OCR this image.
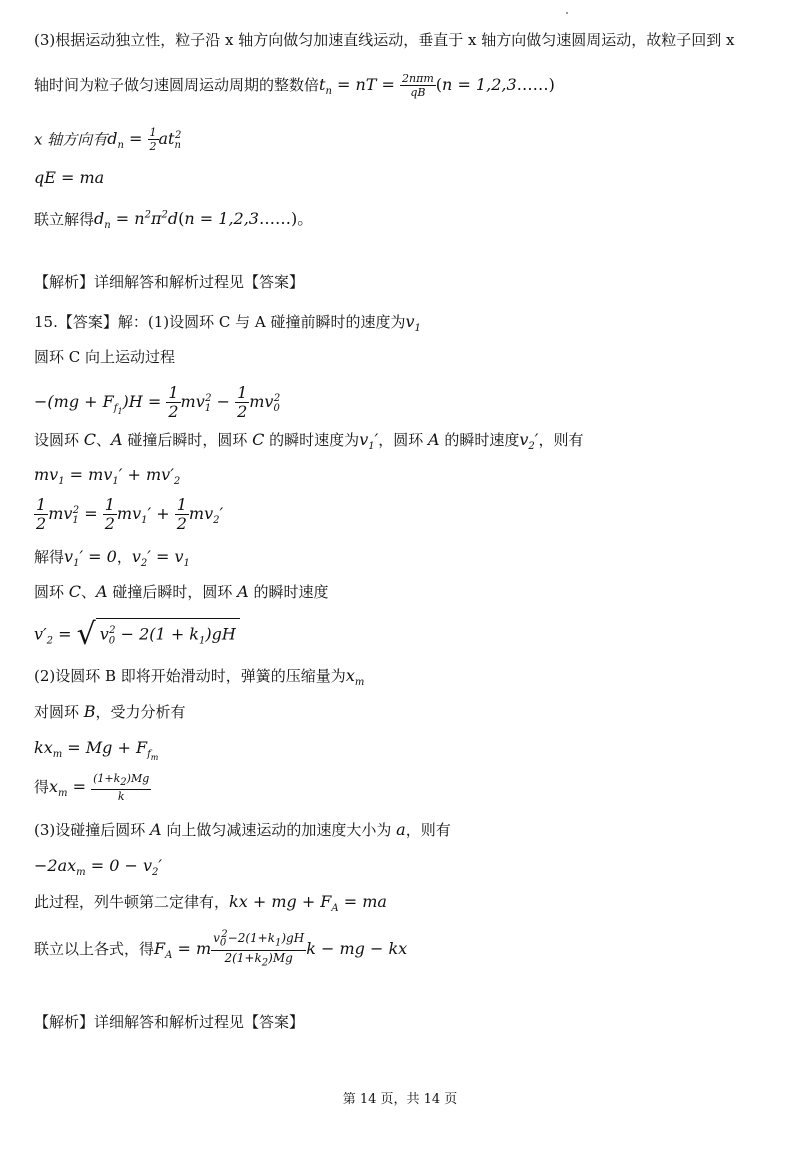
(3)根据运动独立性，粒子沿 x 轴方向做匀加速直线运动，垂直于 x 轴方向做匀速圆周运动，故粒子回到 x
轴时间为粒子做匀速圆周运动周期的整数倍$t_n$ = nT = $\frac{\text{2nπm}}{qB} (n$ = 1,2,3……)
x 轴方向有$d_n = \frac{1}{2} at_n^2$
qE = ma
联立解得$d_n = n^2\pi^2d(n$ = 1,2,3……)。
【解析】详细解答和解析过程见【答案】
15.【答案】解：(1)设圆环 C 与 A 碰撞前瞬时的速度为$v_1$
圆环 C 向上运动过程
$-(mg + F_{f_1})H = \frac{1}{2} mv_1^2 - \frac{1}{2} mv_0^2$
设圆环 C、A 碰撞后瞬时，圆环 C 的瞬时速度为$v_1'$，圆环 A 的瞬时速度$v_2'$，则有
$mv_1 = mv_1' + mv'_2$
$\frac{1}{2} mv_1^2 = \frac{1}{2} mv_1' + \frac{1}{2} mv_2'$
解得$v_1' = 0$，$v_2' = v_1$
圆环 C、A 碰撞后瞬时，圆环 A 的瞬时速度
$v'_2$ = √ $v_0^2 - 2(1 + k_1)gH$
(2)设圆环 B 即将开始滑动时，弹簧的压缩量为$x_m$
对圆环 B，受力分析有
$kx_m = Mg + F_{f_m}$
得$x_m = \frac{(1+k_2)Mg}{k}$
(3)设碰撞后圆环 A 向上做匀减速运动的加速度大小为 a，则有
$-2ax_m = 0 - v_2'$
此过程，列牛顿第二定律有，kx + mg + $F_A$ = ma
联立以上各式，得$F_A = m \frac{v_0^2-2(1+k_1)gH}{2(1+k_2)Mg}$ k − mg − kx
【解析】详细解答和解析过程见【答案】
第 14 页，共 14 页
